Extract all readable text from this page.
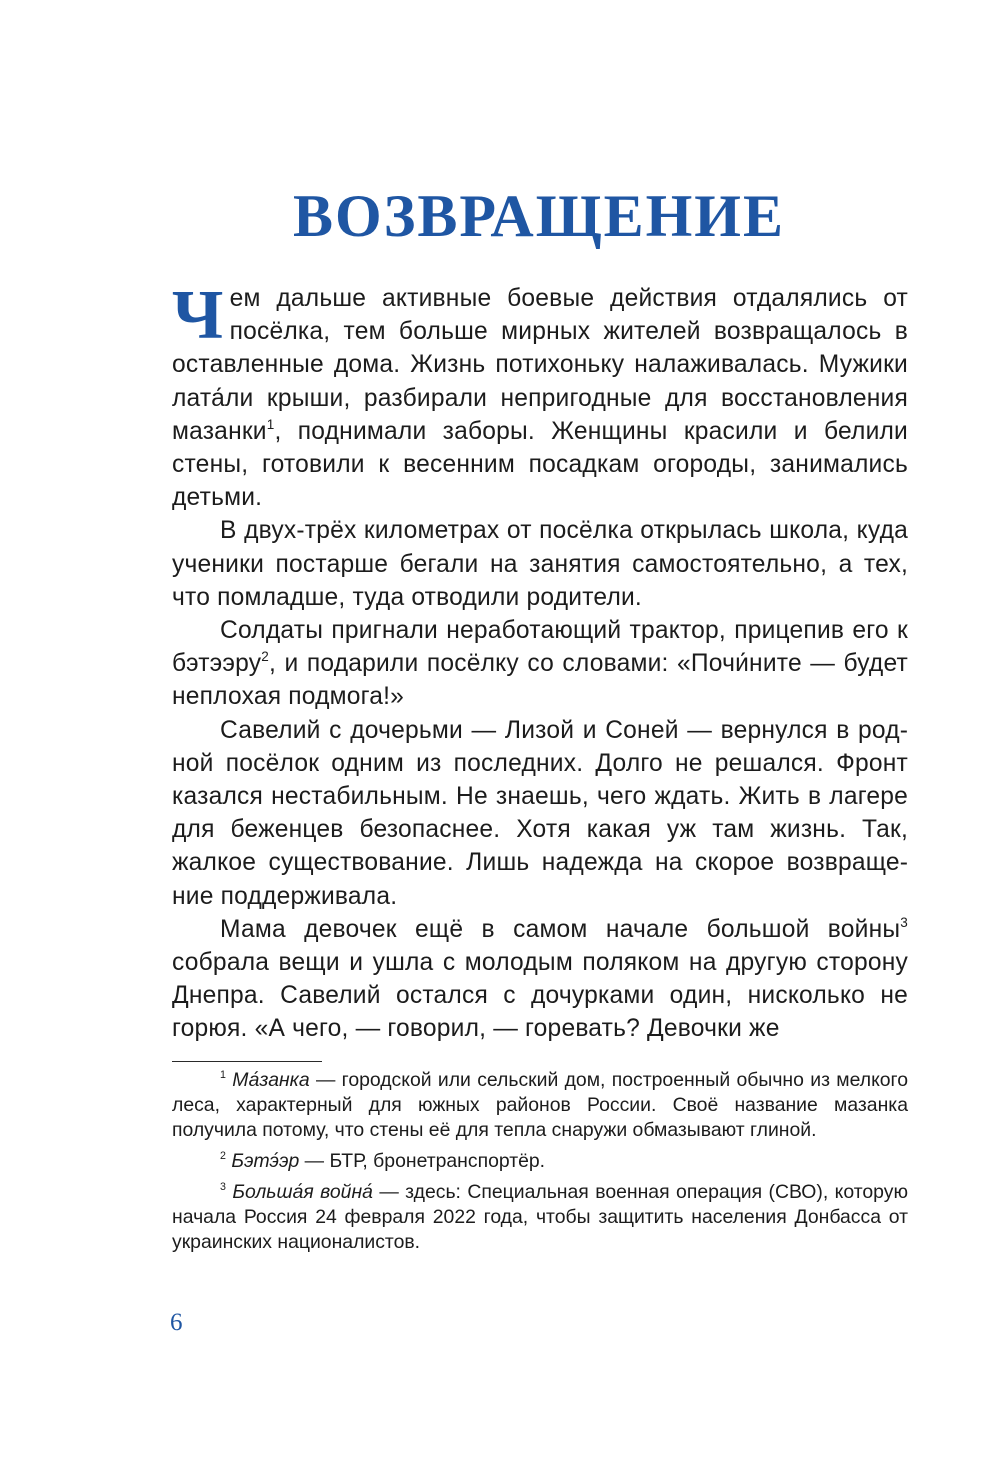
ВОЗВРАЩЕНИЕ

Чем дальше активные боевые действия отдалялись от посёлка, тем больше мирных жителей возвращалось в оставленные дома. Жизнь потихоньку налаживалась. Мужики лата́ли крыши, разбирали непригодные для восстановления мазанки$^1$, поднимали заборы. Женщины красили и белили стены, готовили к весенним посадкам огороды, занимались детьми.

В двух-трёх километрах от посёлка открылась школа, куда ученики постарше бегали на занятия самостоятельно, а тех, что помладше, туда отводили родители.

Солдаты пригнали неработающий трактор, прицепив его к бэтээру$^2$, и подарили посёлку со словами: «Почи́ните — будет неплохая подмога!»

Савелий с дочерьми — Лизой и Соней — вернулся в родной посёлок одним из последних. Долго не решался. Фронт казался нестабильным. Не знаешь, чего ждать. Жить в лагере для беженцев безопаснее. Хотя какая уж там жизнь. Так, жалкое существование. Лишь надежда на скорое возвращение поддерживала.

Мама девочек ещё в самом начале большой войны$^3$ собрала вещи и ушла с молодым поляком на другую сторону Днепра. Савелий остался с дочурками один, нисколько не горюя. «А чего, — говорил, — горевать? Девочки же

$^1$ Ма́занка — городской или сельский дом, построенный обычно из мелкого леса, характерный для южных районов России. Своё название мазанка получила потому, что стены её для тепла снаружи обмазывают глиной.

$^2$ Бэтэ́эр — БТР, бронетранспортёр.

$^3$ Больша́я война́ — здесь: Специальная военная операция (СВО), которую начала Россия 24 февраля 2022 года, чтобы защитить населения Донбасса от украинских националистов.

6
